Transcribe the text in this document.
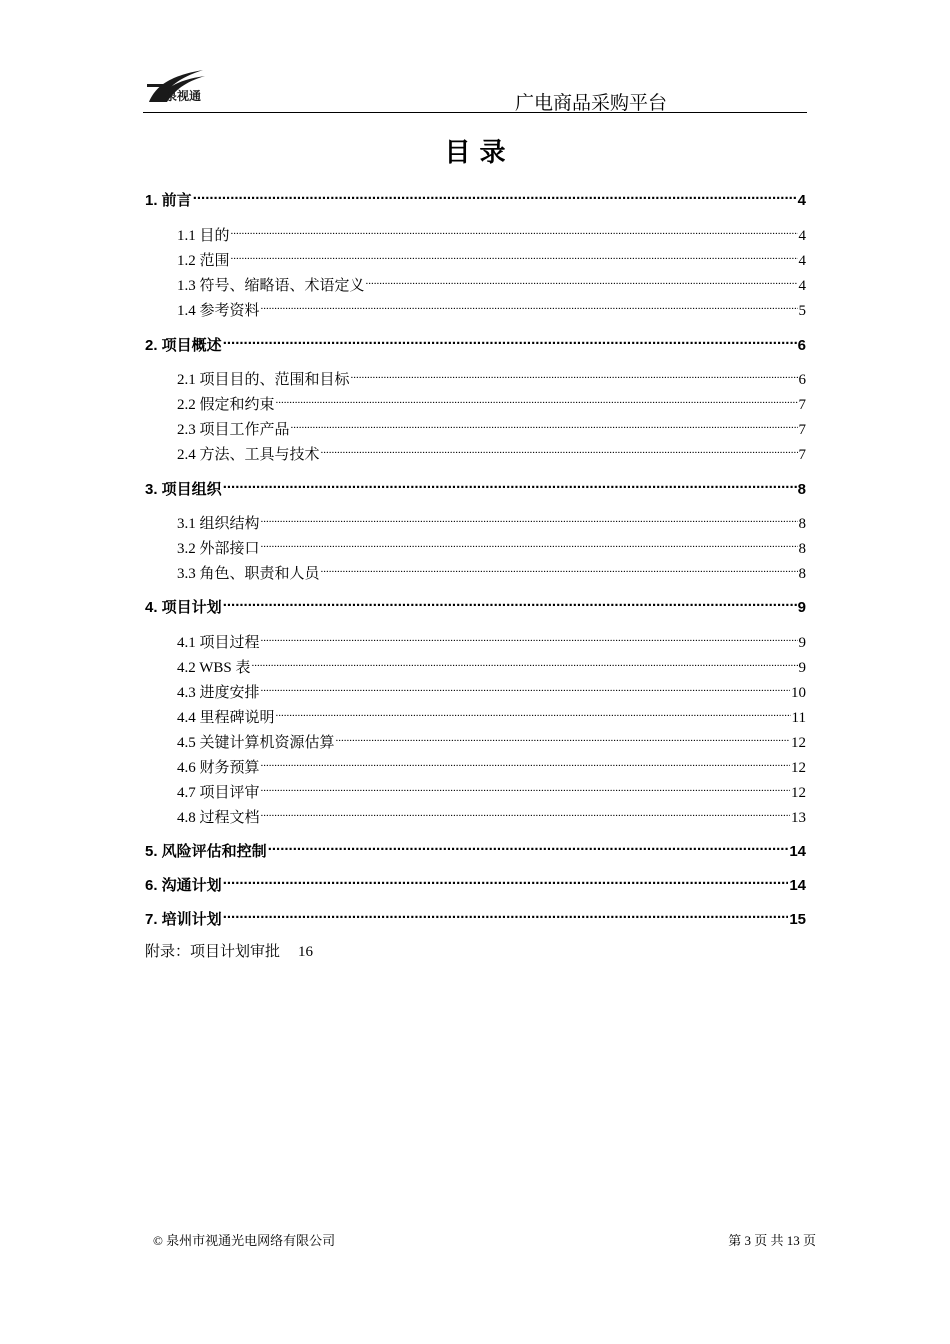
泉视通	广电商品采购平台
目 录
1. 前言 .....	4
1.1 目的 .....	4
1.2 范围 .....	4
1.3 符号、缩略语、术语定义 .....	4
1.4 参考资料 .....	5
2. 项目概述 .....	6
2.1 项目目的、范围和目标 .....	6
2.2 假定和约束 .....	7
2.3 项目工作产品 .....	7
2.4 方法、工具与技术 .....	7
3. 项目组织 .....	8
3.1 组织结构 .....	8
3.2 外部接口 .....	8
3.3 角色、职责和人员 .....	8
4. 项目计划 .....	9
4.1 项目过程 .....	9
4.2 WBS 表 .....	9
4.3 进度安排 .....	10
4.4 里程碑说明 .....	11
4.5 关键计算机资源估算 .....	12
4.6 财务预算 .....	12
4.7 项目评审 .....	12
4.8 过程文档 .....	13
5. 风险评估和控制 .....	14
6. 沟通计划 .....	14
7. 培训计划 .....	15
附录：项目计划审批 16
© 泉州市视通光电网络有限公司	第 3 页 共 13 页
